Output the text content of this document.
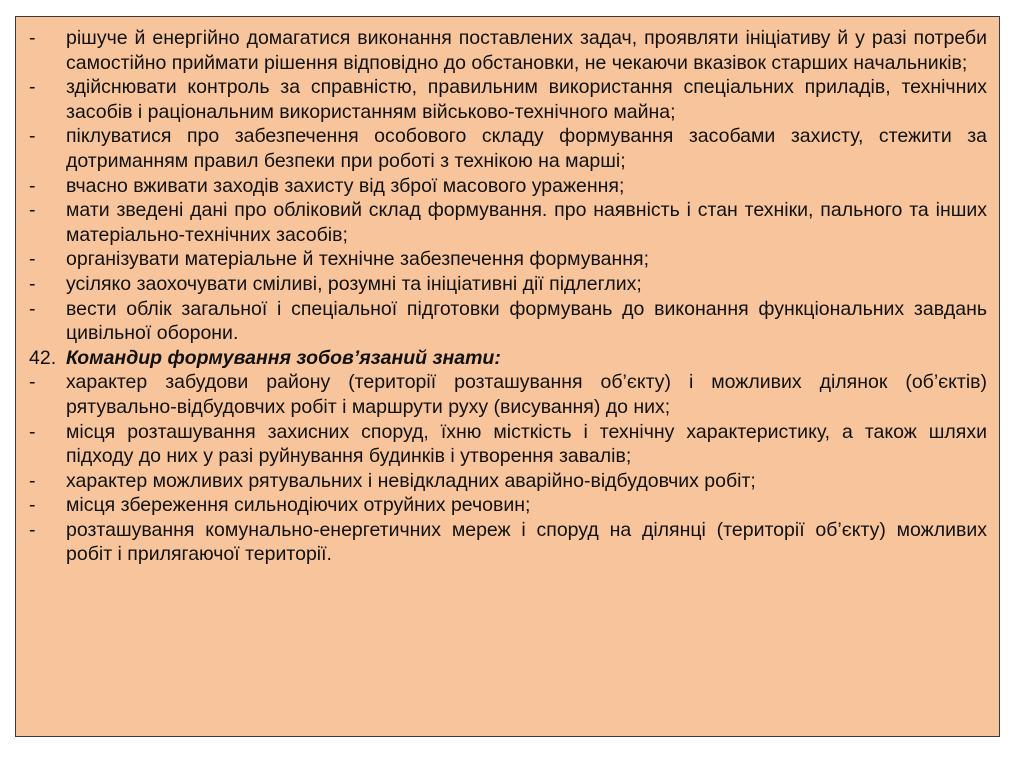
-	рішуче й енергійно домагатися виконання поставлених задач, проявляти ініціативу й у разі потреби самостійно приймати рішення відповідно до обстановки, не чекаючи вказівок старших начальників;
-	здійснювати контроль за справністю, правильним використання спеціальних приладів, технічних засобів і раціональним використанням військово-технічного майна;
-	піклуватися про забезпечення особового складу формування засобами захисту, стежити за дотриманням правил безпеки при роботі з технікою на марші;
-	вчасно вживати заходів захисту від зброї масового ураження;
-	мати зведені дані про обліковий склад формування. про наявність і стан техніки, пального та інших матеріально-технічних засобів;
-	організувати матеріальне й технічне забезпечення формування;
-	усіляко заохочувати сміливі, розумні та ініціативні дії підлеглих;
-	вести облік загальної і спеціальної підготовки формувань до виконання функціональних завдань цивільної оборони.
42. Командир формування зобов’язаний знати:
-	характер забудови району (території розташування об’єкту) і можливих ділянок (об’єктів) рятувально-відбудовчих робіт і маршрути руху (висування) до них;
-	місця розташування захисних споруд, їхню місткість і технічну характеристику, а також шляхи підходу до них у разі руйнування будинків і утворення завалів;
-	характер можливих рятувальних і невідкладних аварійно-відбудовчих робіт;
-	місця збереження сильнодіючих отруйних речовин;
-	розташування комунально-енергетичних мереж і споруд на ділянці (території об’єкту) можливих робіт і прилягаючої території.
